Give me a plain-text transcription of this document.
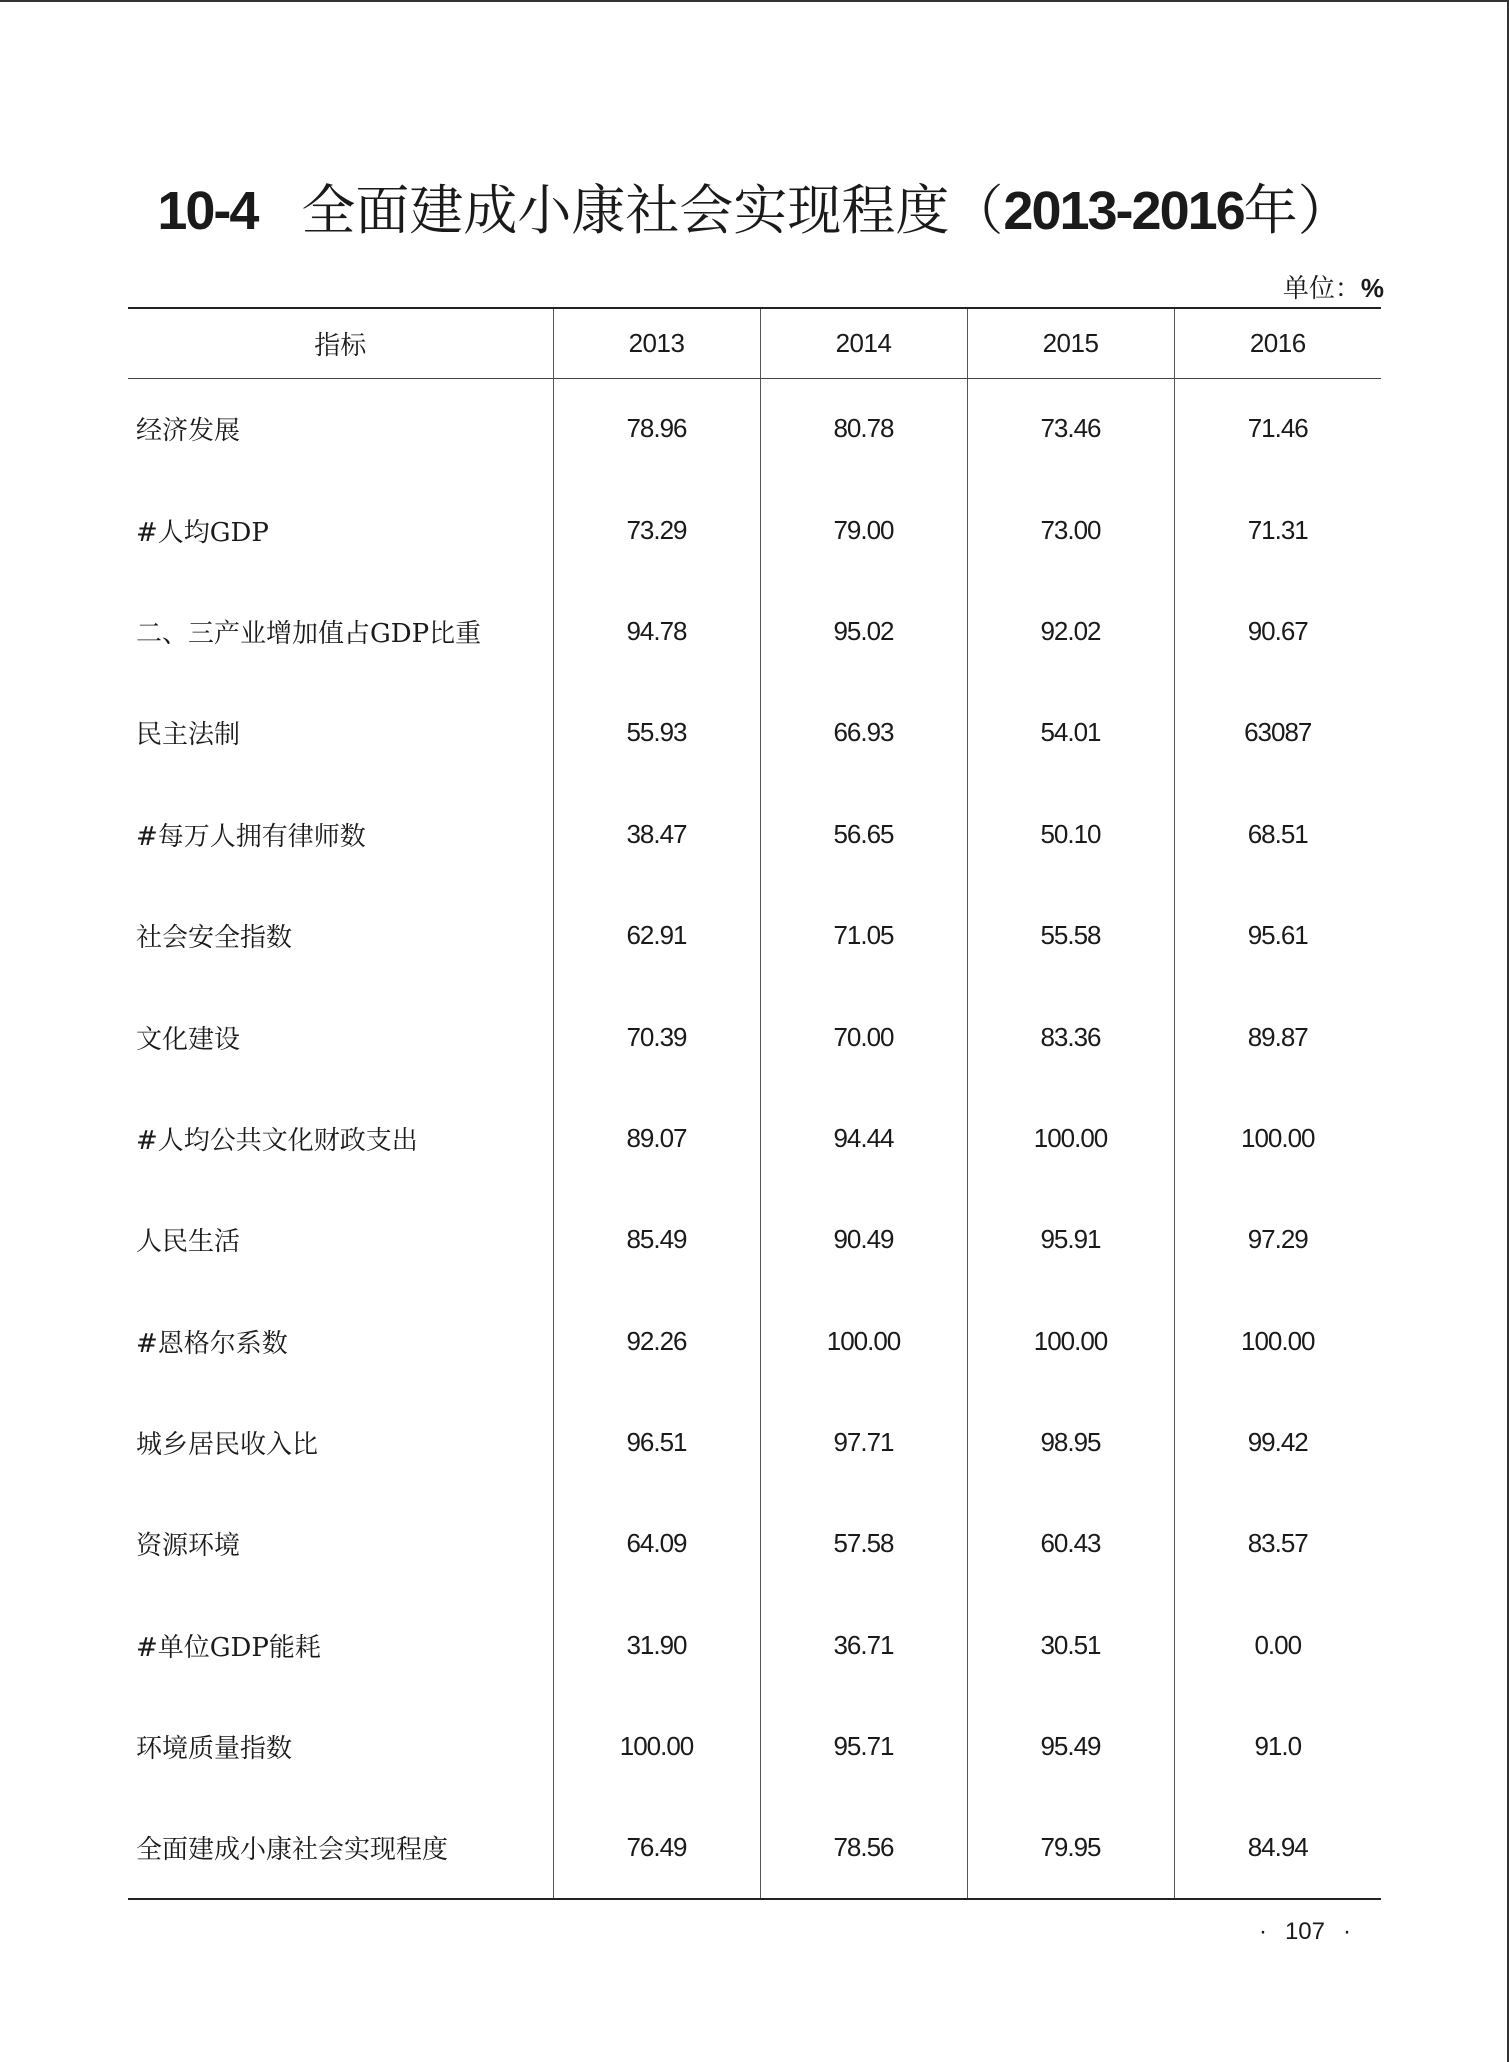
10-4 全面建成小康社会实现程度（2013-2016年）
单位：%
指标	2013	2014	2015	2016
经济发展	78.96	80.78	73.46	71.46
#人均GDP	73.29	79.00	73.00	71.31
二、三产业增加值占GDP比重	94.78	95.02	92.02	90.67
民主法制	55.93	66.93	54.01	63087
#每万人拥有律师数	38.47	56.65	50.10	68.51
社会安全指数	62.91	71.05	55.58	95.61
文化建设	70.39	70.00	83.36	89.87
#人均公共文化财政支出	89.07	94.44	100.00	100.00
人民生活	85.49	90.49	95.91	97.29
#恩格尔系数	92.26	100.00	100.00	100.00
城乡居民收入比	96.51	97.71	98.95	99.42
资源环境	64.09	57.58	60.43	83.57
#单位GDP能耗	31.90	36.71	30.51	0.00
环境质量指数	100.00	95.71	95.49	91.0
全面建成小康社会实现程度	76.49	78.56	79.95	84.94
· 107 ·
